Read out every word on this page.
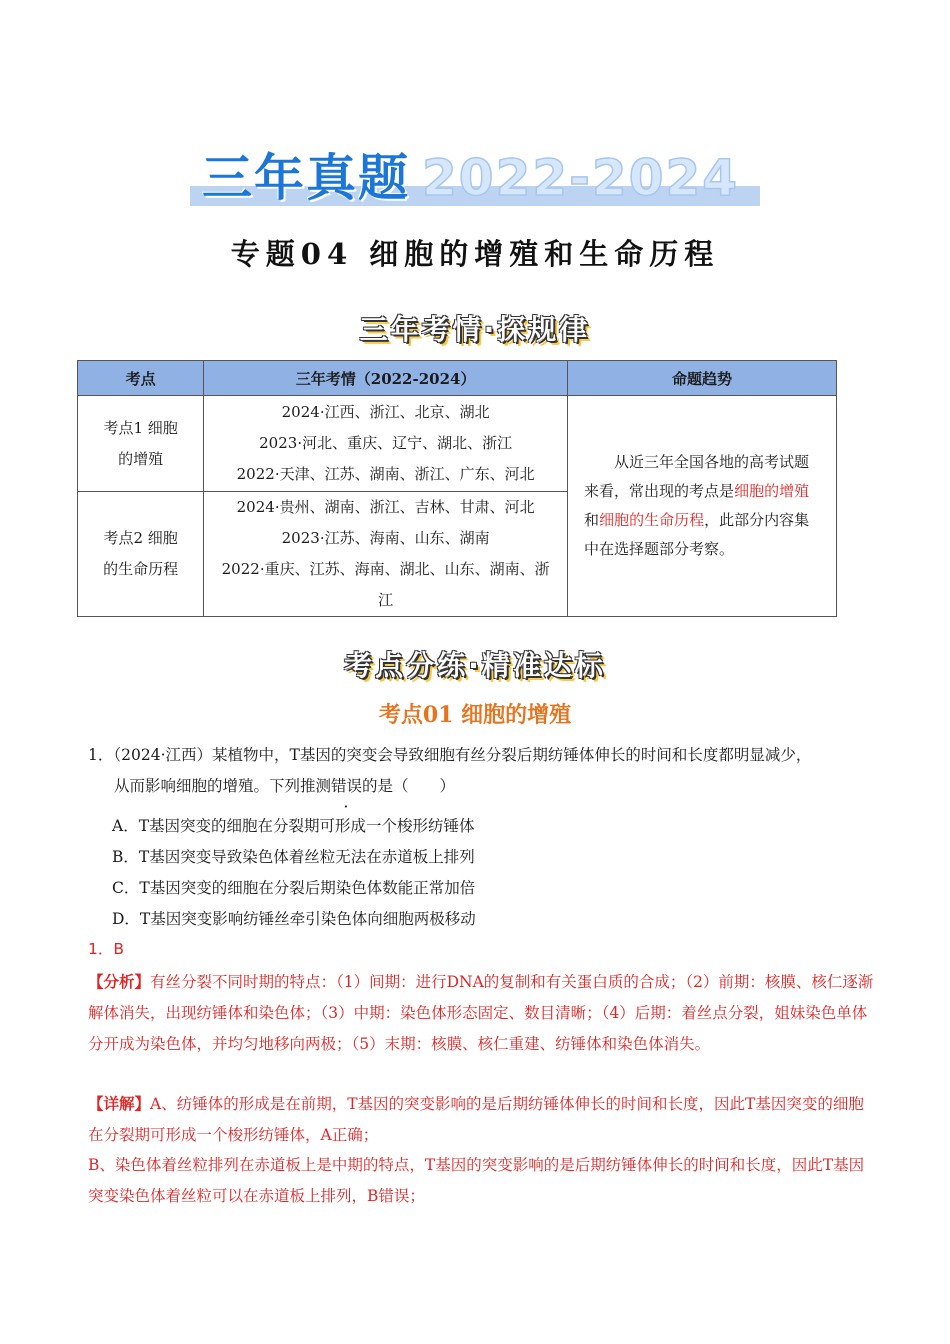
三年真题 2022-2024
专题04 细胞的增殖和生命历程
三年考情·探规律
考点	三年考情（2022-2024）	命题趋势
考点1 细胞的增殖	2024·江西、浙江、北京、湖北
2023·河北、重庆、辽宁、湖北、浙江
2022·天津、江苏、湖南、浙江、广东、河北	从近三年全国各地的高考试题来看，常出现的考点是细胞的增殖和细胞的生命历程，此部分内容集中在选择题部分考察。

考点2 细胞的生命历程	2024·贵州、湖南、浙江、吉林、甘肃、河北
2023·江苏、海南、山东、湖南
2022·重庆、江苏、海南、湖北、山东、湖南、浙江	
考点分练·精准达标
考点01 细胞的增殖
1．（2024·江西）某植物中，T基因的突变会导致细胞有丝分裂后期纺锤体伸长的时间和长度都明显减少，
从而影响细胞的增殖。下列推测错误的是（　　）
A．T基因突变的细胞在分裂期可形成一个梭形纺锤体
B．T基因突变导致染色体着丝粒无法在赤道板上排列
C．T基因突变的细胞在分裂后期染色体数能正常加倍
D．T基因突变影响纺锤丝牵引染色体向细胞两极移动
1．B
【分析】有丝分裂不同时期的特点：（1）间期：进行DNA的复制和有关蛋白质的合成；（2）前期：核膜、核仁逐渐解体消失，出现纺锤体和染色体；（3）中期：染色体形态固定、数目清晰；（4）后期：着丝点分裂，姐妹染色单体分开成为染色体，并均匀地移向两极；（5）末期：核膜、核仁重建、纺锤体和染色体消失。
【详解】A、纺锤体的形成是在前期，T基因的突变影响的是后期纺锤体伸长的时间和长度，因此T基因突变的细胞在分裂期可形成一个梭形纺锤体，A正确；
B、染色体着丝粒排列在赤道板上是中期的特点，T基因的突变影响的是后期纺锤体伸长的时间和长度，因此T基因突变染色体着丝粒可以在赤道板上排列，B错误；
